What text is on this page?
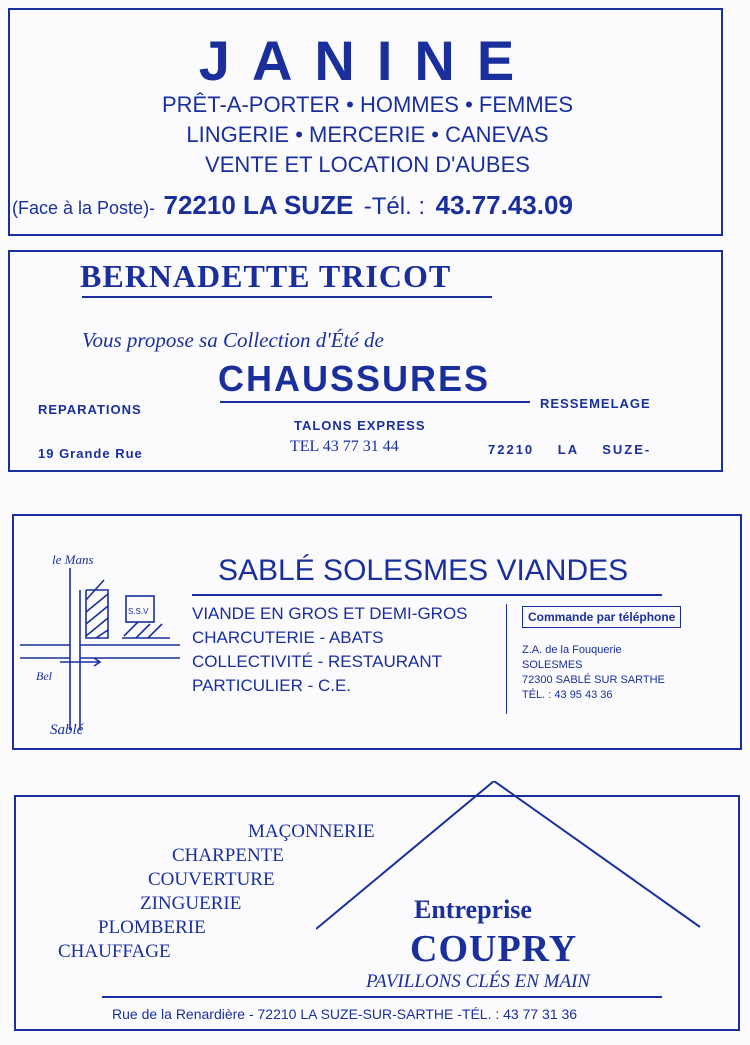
JANINE
PRÊT-A-PORTER • HOMMES • FEMMES
LINGERIE • MERCERIE • CANEVAS
VENTE ET LOCATION D'AUBES
(Face à la Poste)- 72210 LA SUZE -Tél. : 43.77.43.09
BERNADETTE TRICOT
Vous propose sa Collection d'Été de
CHAUSSURES
REPARATIONS	RESSEMELAGE
TALONS EXPRESS
19 Grande Rue	TEL 43 77 31 44	72210 LA SUZE-
le Mans
Bel
Sablé
S.S.V
SABLÉ SOLESMES VIANDES
VIANDE EN GROS ET DEMI-GROS
CHARCUTERIE - ABATS
COLLECTIVITÉ - RESTAURANT
PARTICULIER - C.E.
Commande par téléphone
Z.A. de la Fouquerie
SOLESMES
72300 SABLÉ SUR SARTHE
TÉL. : 43 95 43 36
MAÇONNERIE
CHARPENTE
COUVERTURE
ZINGUERIE
PLOMBERIE
CHAUFFAGE
Entreprise
COUPRY
PAVILLONS CLÉS EN MAIN
Rue de la Renardière - 72210 LA SUZE-SUR-SARTHE -TÉL. : 43 77 31 36
